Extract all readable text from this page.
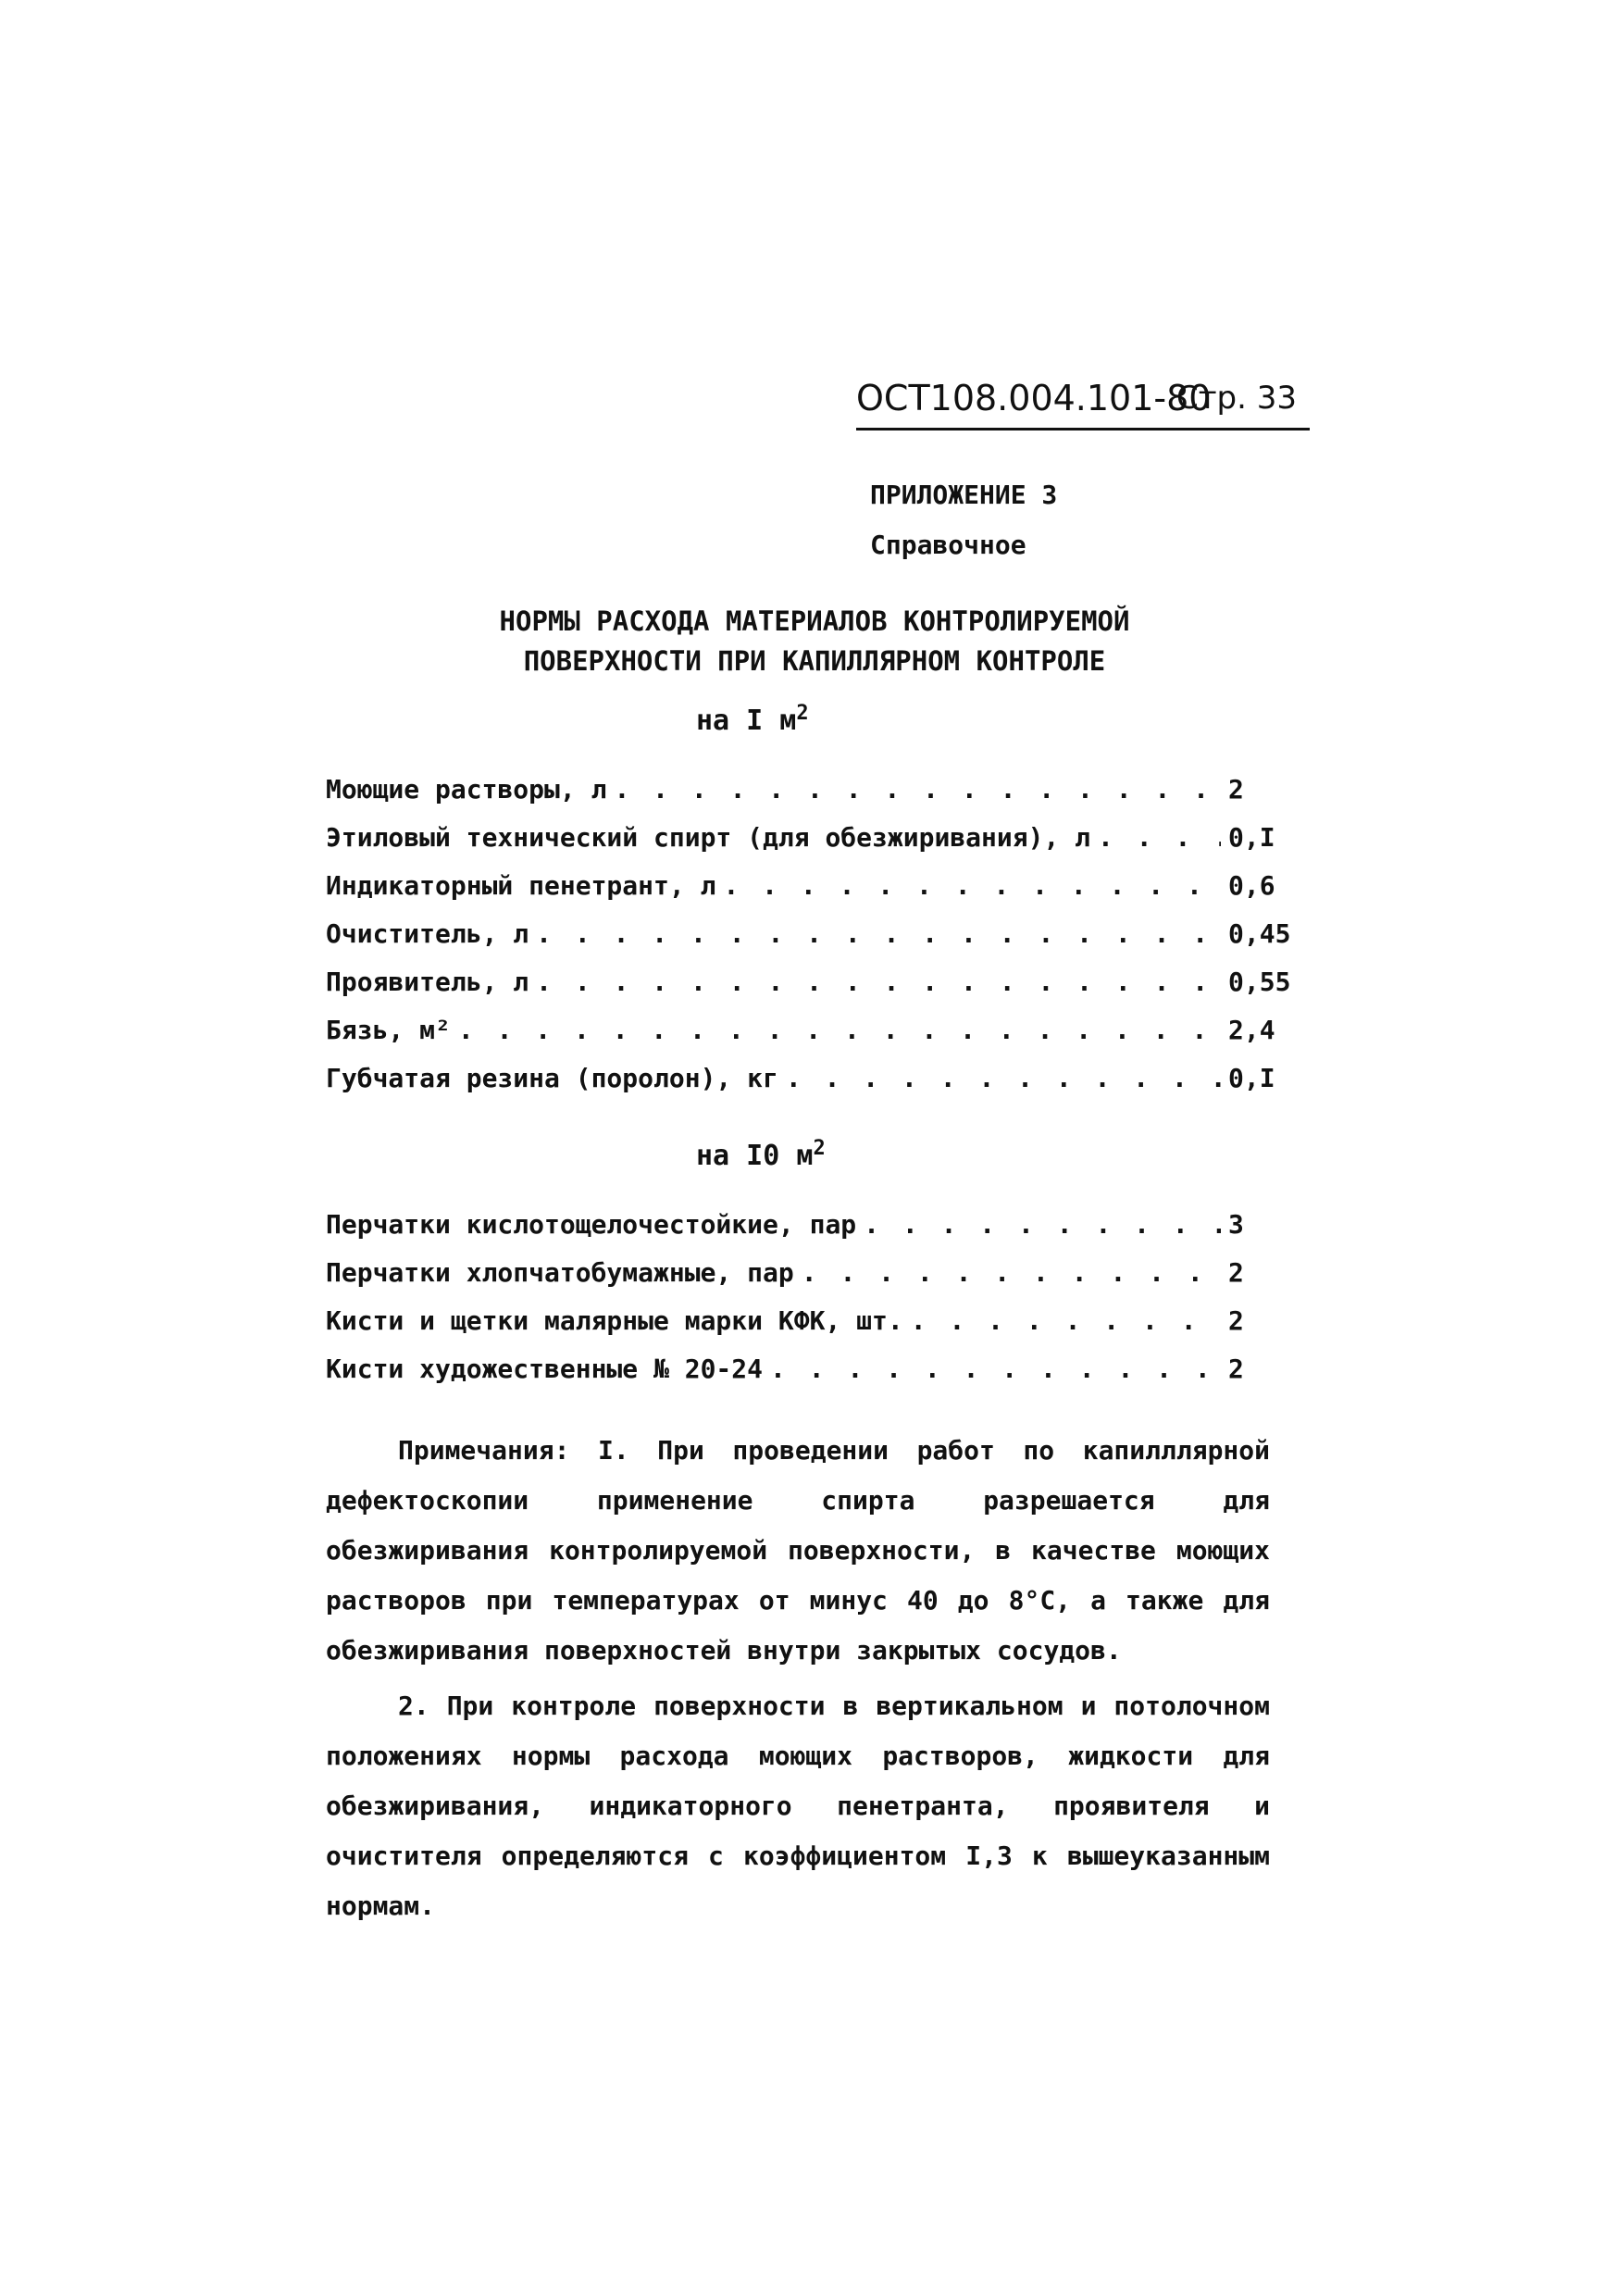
ОСТ108.004.101-80
Стр. 33
ПРИЛОЖЕНИЕ 3
Справочное
НОРМЫ РАСХОДА МАТЕРИАЛОВ КОНТРОЛИРУЕМОЙ
ПОВЕРХНОСТИ ПРИ КАПИЛЛЯРНОМ КОНТРОЛЕ
на I $м^2$
Моющие растворы, л . . .	2
Этиловый технический спирт (для обезжиривания), л . . .	0,I
Индикаторный пенетрант, л . . .	0,6
Очиститель, л . . .	0,45
Проявитель, л . . .	0,55
Бязь, м² . . .	2,4
Губчатая резина (поролон), кг . . .	0,I
на I0 $м^2$
Перчатки кислотощелочестойкие, пар . . .	3
Перчатки хлопчатобумажные, пар . . .	2
Кисти и щетки малярные марки КФК, шт. . . .	2
Кисти художественные № 20-24 . . .	2

Примечания: I. При проведении работ по капилллярной дефектоскопии применение спирта разрешается для обезжиривания контролируемой поверхности, в качестве моющих растворов при температурах от минус 40 до 8°С, а также для обезжиривания поверхностей внутри закрытых сосудов.

2. При контроле поверхности в вертикальном и потолочном положениях нормы расхода моющих растворов, жидкости для обезжиривания, индикаторного пенетранта, проявителя и очистителя определяются с коэффициентом I,3 к вышеуказанным нормам.
